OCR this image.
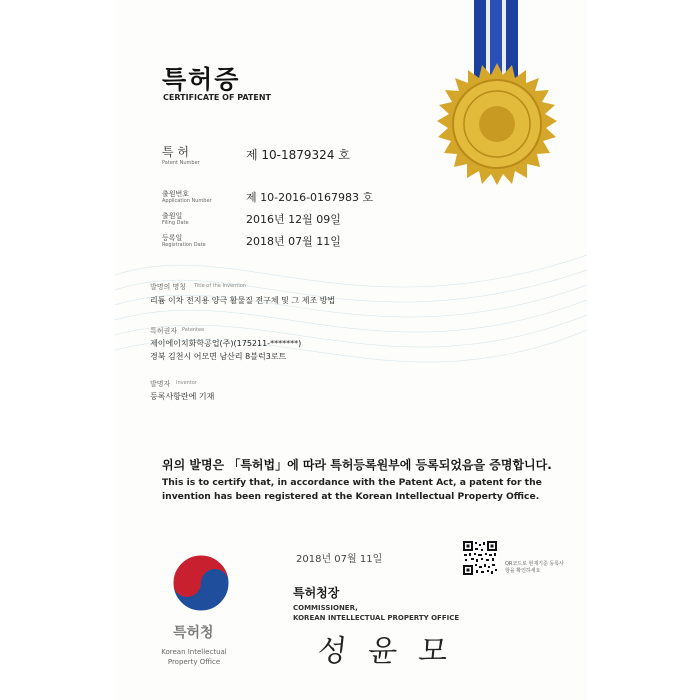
특허증
CERTIFICATE OF PATENT
특 허
Patent Number
제 10-1879324 호
출원번호
Application Number	제 10-2016-0167983 호
출원일
Filing Date	2016년 12월 09일
등록일
Registration Date	2018년 07월 11일
발명의 명칭 Title of the Invention
리튬 이차 전지용 양극 활물질 전구체 및 그 제조 방법
특허권자 Patentee
제이에이치화학공업(주)(175211-*******)
경북 김천시 어모면 남산리 8블럭3로트
발명자 Inventor
등록사항란에 기재
위의 발명은 「특허법」에 따라 특허등록원부에 등록되었음을 증명합니다.
This is to certify that, in accordance with the Patent Act, a patent for the invention has been registered at the Korean Intellectual Property Office.
2018년 07월 11일	QR코드로 현재기준 등록사항을 확인하세요
특허청장
COMMISSIONER,
KOREAN INTELLECTUAL PROPERTY OFFICE
성 윤 모
특허청
Korean Intellectual
Property Office
